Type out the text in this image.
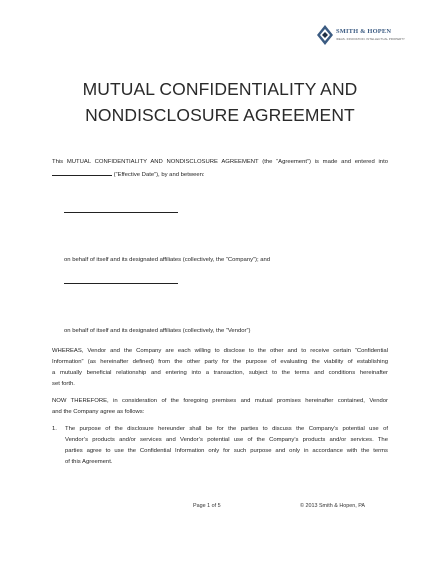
SMITH & HOPEN
IDEAS. INNOVATION. INTELLECTUAL PROPERTY
MUTUAL CONFIDENTIALITY AND
NONDISCLOSURE AGREEMENT
This MUTUAL CONFIDENTIALITY AND NONDISCLOSURE AGREEMENT (the “Agreement”) is made and entered into
(“Effective Date”), by and between:
on behalf of itself and its designated affiliates (collectively, the “Company”); and
on behalf of itself and its designated affiliates (collectively, the “Vendor”)
WHEREAS, Vendor and the Company are each willing to disclose to the other and to receive certain “Confidential
Information” (as hereinafter defined) from the other party for the purpose of evaluating the viability of establishing
a mutually beneficial relationship and entering into a transaction, subject to the terms and conditions hereinafter
set forth.
NOW THEREFORE, in consideration of the foregoing premises and mutual promises hereinafter contained, Vendor
and the Company agree as follows:
1.	The purpose of the disclosure hereunder shall be for the parties to discuss the Company’s potential use of
Vendor’s products and/or services and Vendor’s potential use of the Company’s products and/or services. The
parties agree to use the Confidential Information only for such purpose and only in accordance with the terms
of this Agreement.
Page 1 of 5	© 2013 Smith & Hopen, PA
